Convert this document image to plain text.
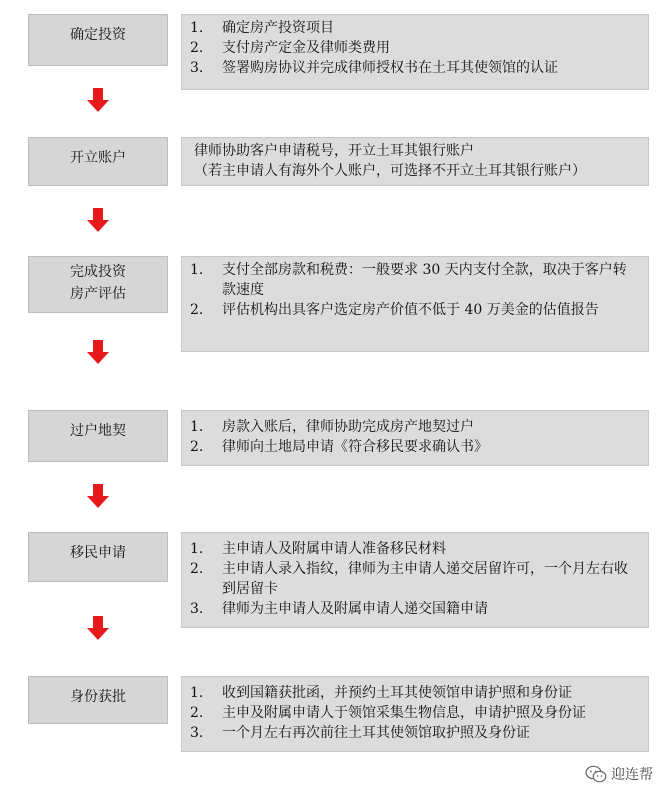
确定投资	1.	确定房产投资项目
2.	支付房产定金及律师类费用
3.	签署购房协议并完成律师授权书在土耳其使领馆的认证
开立账户	律师协助客户申请税号，开立土耳其银行账户
（若主申请人有海外个人账户，可选择不开立土耳其银行账户）
完成投资
房产评估
1.	支付全部房款和税费：一般要求 30 天内支付全款，取决于客户转款速度
2.	评估机构出具客户选定房产价值不低于 40 万美金的估值报告
过户地契	1.	房款入账后，律师协助完成房产地契过户
2.	律师向土地局申请《符合移民要求确认书》
移民申请	1.	主申请人及附属申请人准备移民材料
2.	主申请人录入指纹，律师为主申请人递交居留许可，一个月左右收到居留卡
3.	律师为主申请人及附属申请人递交国籍申请
身份获批	1.	收到国籍获批函，并预约土耳其使领馆申请护照和身份证
2.	主申及附属申请人于领馆采集生物信息，申请护照及身份证
3.	一个月左右再次前往土耳其使领馆取护照及身份证
迎连帮
